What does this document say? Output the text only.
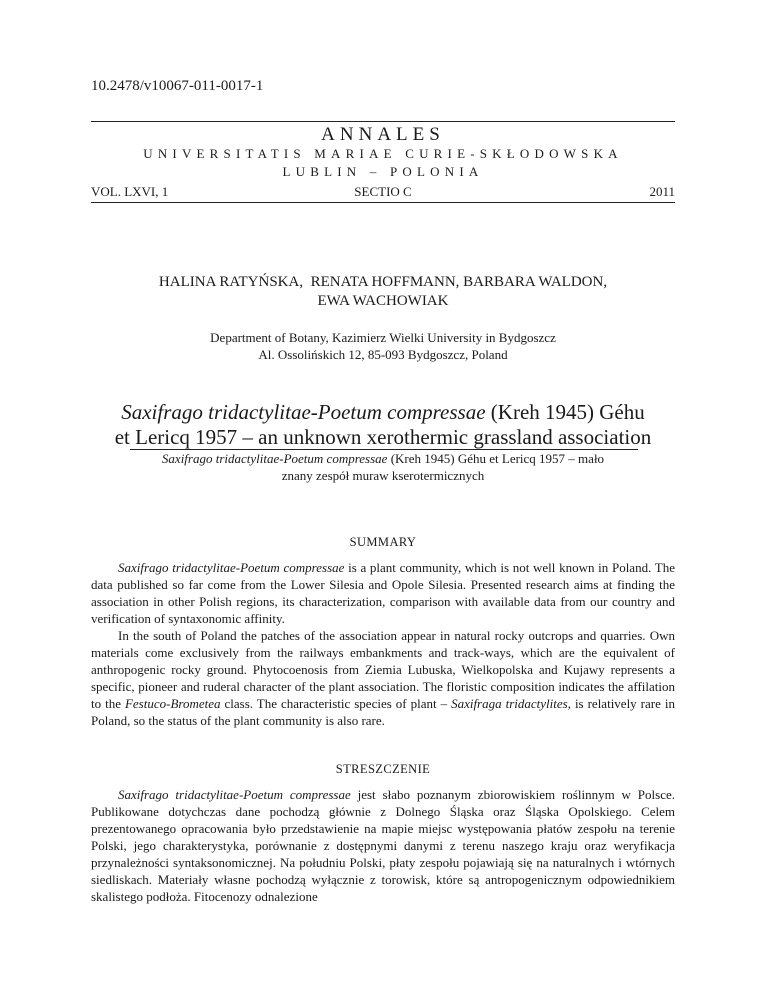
10.2478/v10067-011-0017-1
ANNALES
UNIVERSITATIS MARIAE CURIE-SKŁODOWSKA
LUBLIN – POLONIA
VOL. LXVI, 1	SECTIO C	2011
HALINA RATYŃSKA,  RENATA HOFFMANN, BARBARA WALDON,
EWA WACHOWIAK
Department of Botany, Kazimierz Wielki University in Bydgoszcz
Al. Ossolińskich 12, 85-093 Bydgoszcz, Poland
Saxifrago tridactylitae-Poetum compressae (Kreh 1945) Géhu
et Lericq 1957 – an unknown xerothermic grassland association
Saxifrago tridactylitae-Poetum compressae (Kreh 1945) Géhu et Lericq 1957 – mało
znany zespół muraw kserotermicznych
SUMMARY

Saxifrago tridactylitae-Poetum compressae is a plant community, which is not well known in Poland. The data published so far come from the Lower Silesia and Opole Silesia. Presented research aims at finding the association in other Polish regions, its characterization, comparison with available data from our country and verification of syntaxonomic affinity.

In the south of Poland the patches of the association appear in natural rocky outcrops and quarries. Own materials come exclusively from the railways embankments and track-ways, which are the equivalent of anthropogenic rocky ground. Phytocoenosis from Ziemia Lubuska, Wielkopolska and Kujawy represents a specific, pioneer and ruderal character of the plant association. The floristic composition indicates the affilation to the Festuco-Brometea class. The characteristic species of plant – Saxifraga tridactylites, is relatively rare in Poland, so the status of the plant community is also rare.

STRESZCZENIE

Saxifrago tridactylitae-Poetum compressae jest słabo poznanym zbiorowiskiem roślinnym w Polsce. Publikowane dotychczas dane pochodzą głównie z Dolnego Śląska oraz Śląska Opolskiego. Celem prezentowanego opracowania było przedstawienie na mapie miejsc występowania płatów zespołu na terenie Polski, jego charakterystyka, porównanie z dostępnymi danymi z terenu naszego kraju oraz weryfikacja przynależności syntaksonomicznej. Na południu Polski, płaty zespołu pojawiają się na naturalnych i wtórnych siedliskach. Materiały własne pochodzą wyłącznie z torowisk, które są antropogenicznym odpowiednikiem skalistego podłoża. Fitocenozy odnalezione
